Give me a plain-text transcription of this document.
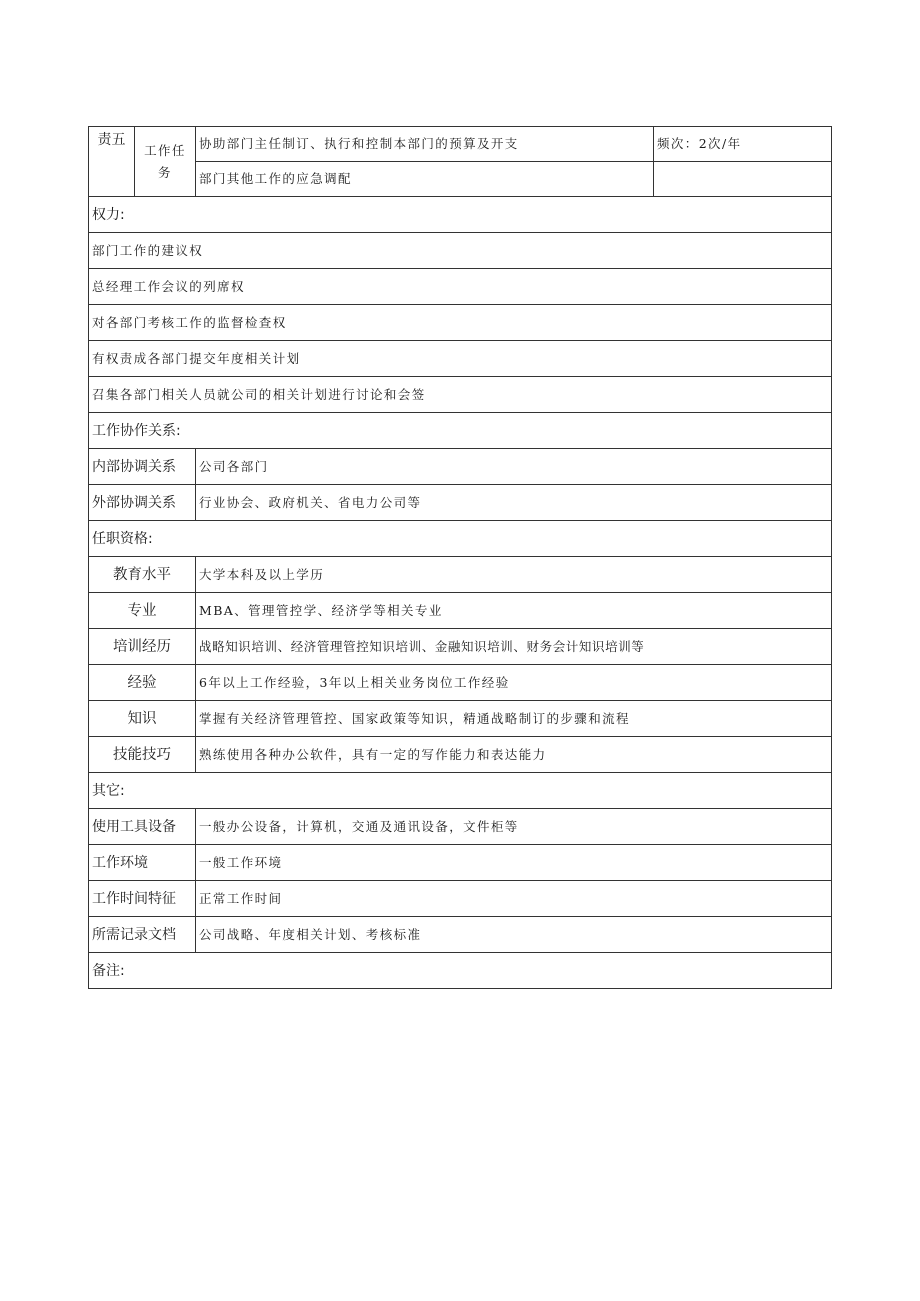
责五	工作任务	协助部门主任制订、执行和控制本部门的预算及开支	频次：2次/年
		部门其他工作的应急调配	
权力:			
部门工作的建议权			
总经理工作会议的列席权			
对各部门考核工作的监督检查权			
有权责成各部门提交年度相关计划			
召集各部门相关人员就公司的相关计划进行讨论和会签			
工作协作关系:			
内部协调关系		公司各部门	
外部协调关系		行业协会、政府机关、省电力公司等	
任职资格:			
教育水平		大学本科及以上学历	
专业		MBA、管理管控学、经济学等相关专业	
培训经历		战略知识培训、经济管理管控知识培训、金融知识培训、财务会计知识培训等	
经验		6年以上工作经验，3年以上相关业务岗位工作经验	
知识		掌握有关经济管理管控、国家政策等知识，精通战略制订的步骤和流程	
技能技巧		熟练使用各种办公软件，具有一定的写作能力和表达能力	
其它:			
使用工具设备		一般办公设备，计算机，交通及通讯设备，文件柜等	
工作环境		一般工作环境	
工作时间特征		正常工作时间	
所需记录文档		公司战略、年度相关计划、考核标准	
备注:			
